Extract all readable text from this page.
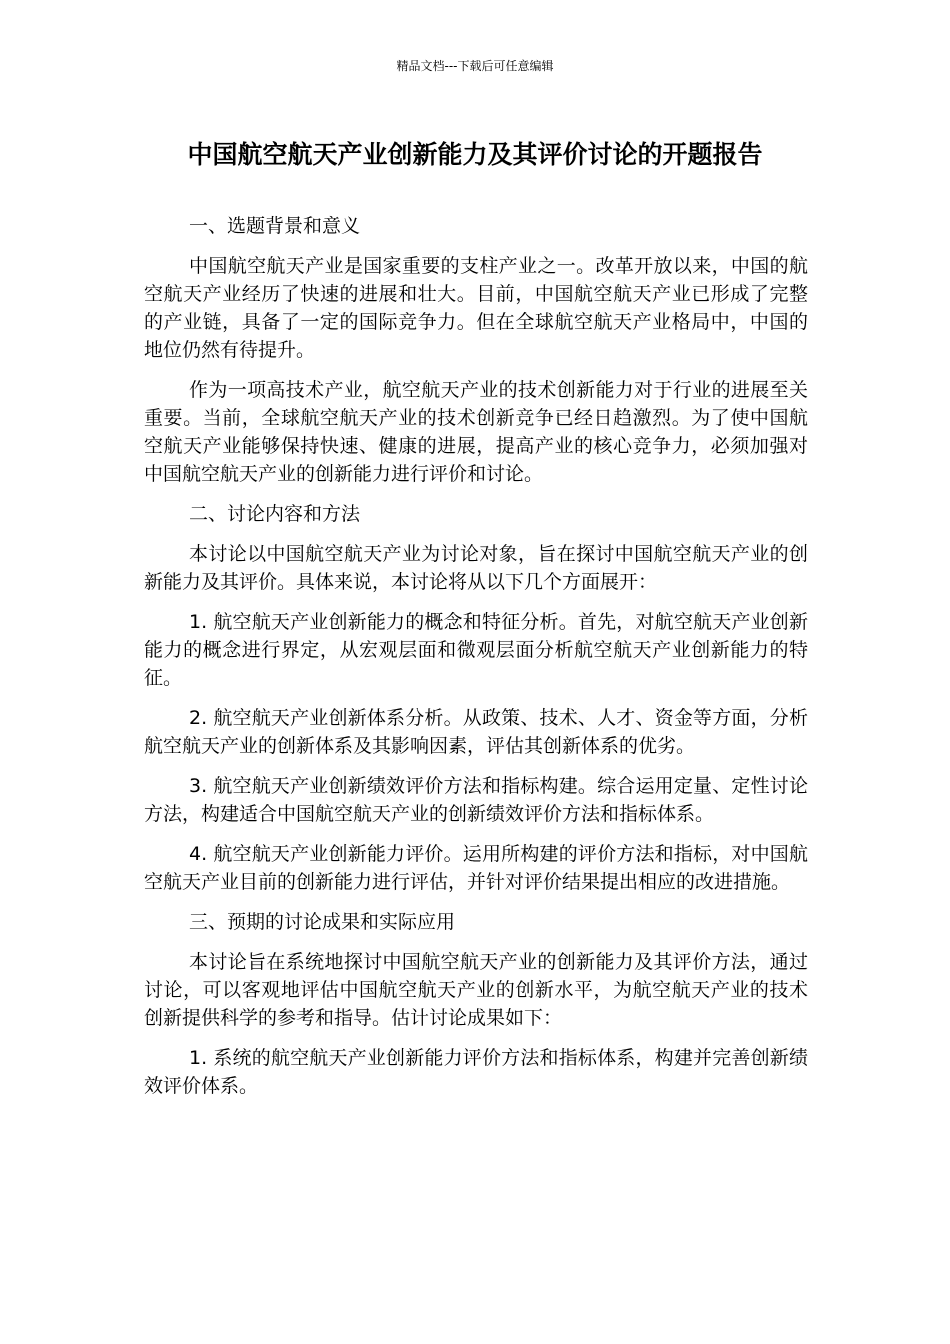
精品文档---下载后可任意编辑
中国航空航天产业创新能力及其评价讨论的开题报告

一、选题背景和意义

中国航空航天产业是国家重要的支柱产业之一。改革开放以来，中国的航空航天产业经历了快速的进展和壮大。目前，中国航空航天产业已形成了完整的产业链，具备了一定的国际竞争力。但在全球航空航天产业格局中，中国的地位仍然有待提升。

作为一项高技术产业，航空航天产业的技术创新能力对于行业的进展至关重要。当前，全球航空航天产业的技术创新竞争已经日趋激烈。为了使中国航空航天产业能够保持快速、健康的进展，提高产业的核心竞争力，必须加强对中国航空航天产业的创新能力进行评价和讨论。

二、讨论内容和方法

本讨论以中国航空航天产业为讨论对象，旨在探讨中国航空航天产业的创新能力及其评价。具体来说，本讨论将从以下几个方面展开：

1. 航空航天产业创新能力的概念和特征分析。首先，对航空航天产业创新能力的概念进行界定，从宏观层面和微观层面分析航空航天产业创新能力的特征。

2. 航空航天产业创新体系分析。从政策、技术、人才、资金等方面，分析航空航天产业的创新体系及其影响因素，评估其创新体系的优劣。

3. 航空航天产业创新绩效评价方法和指标构建。综合运用定量、定性讨论方法，构建适合中国航空航天产业的创新绩效评价方法和指标体系。

4. 航空航天产业创新能力评价。运用所构建的评价方法和指标，对中国航空航天产业目前的创新能力进行评估，并针对评价结果提出相应的改进措施。

三、预期的讨论成果和实际应用

本讨论旨在系统地探讨中国航空航天产业的创新能力及其评价方法，通过讨论，可以客观地评估中国航空航天产业的创新水平，为航空航天产业的技术创新提供科学的参考和指导。估计讨论成果如下：

1. 系统的航空航天产业创新能力评价方法和指标体系，构建并完善创新绩效评价体系。
